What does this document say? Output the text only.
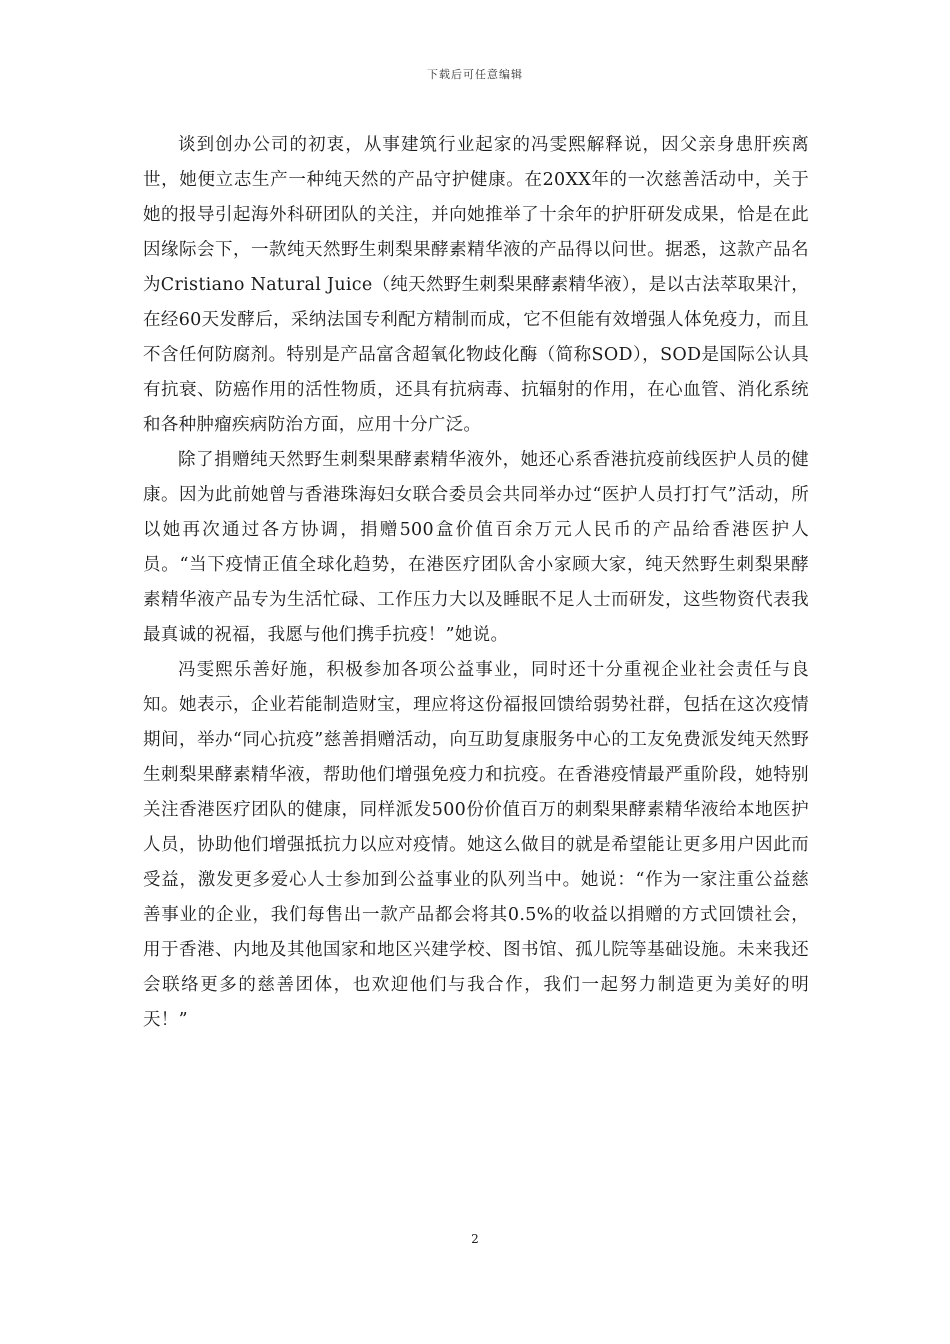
下载后可任意编辑

谈到创办公司的初衷，从事建筑行业起家的冯雯熙解释说，因父亲身患肝疾离世，她便立志生产一种纯天然的产品守护健康。在20XX年的一次慈善活动中，关于她的报导引起海外科研团队的关注，并向她推举了十余年的护肝研发成果，恰是在此因缘际会下，一款纯天然野生刺梨果酵素精华液的产品得以问世。据悉，这款产品名为Cristiano Natural Juice（纯天然野生刺梨果酵素精华液），是以古法萃取果汁，在经60天发酵后，采纳法国专利配方精制而成，它不但能有效增强人体免疫力，而且不含任何防腐剂。特别是产品富含超氧化物歧化酶（简称SOD），SOD是国际公认具有抗衰、防癌作用的活性物质，还具有抗病毒、抗辐射的作用，在心血管、消化系统和各种肿瘤疾病防治方面，应用十分广泛。

除了捐赠纯天然野生刺梨果酵素精华液外，她还心系香港抗疫前线医护人员的健康。因为此前她曾与香港珠海妇女联合委员会共同举办过“医护人员打打气”活动，所以她再次通过各方协调，捐赠500盒价值百余万元人民币的产品给香港医护人员。“当下疫情正值全球化趋势，在港医疗团队舍小家顾大家，纯天然野生刺梨果酵素精华液产品专为生活忙碌、工作压力大以及睡眠不足人士而研发，这些物资代表我最真诚的祝福，我愿与他们携手抗疫！”她说。

冯雯熙乐善好施，积极参加各项公益事业，同时还十分重视企业社会责任与良知。她表示，企业若能制造财宝，理应将这份福报回馈给弱势社群，包括在这次疫情期间，举办“同心抗疫”慈善捐赠活动，向互助复康服务中心的工友免费派发纯天然野生刺梨果酵素精华液，帮助他们增强免疫力和抗疫。在香港疫情最严重阶段，她特别关注香港医疗团队的健康，同样派发500份价值百万的刺梨果酵素精华液给本地医护人员，协助他们增强抵抗力以应对疫情。她这么做目的就是希望能让更多用户因此而受益，激发更多爱心人士参加到公益事业的队列当中。她说：“作为一家注重公益慈善事业的企业，我们每售出一款产品都会将其0.5%的收益以捐赠的方式回馈社会，用于香港、内地及其他国家和地区兴建学校、图书馆、孤儿院等基础设施。未来我还会联络更多的慈善团体，也欢迎他们与我合作，我们一起努力制造更为美好的明天！”

2
